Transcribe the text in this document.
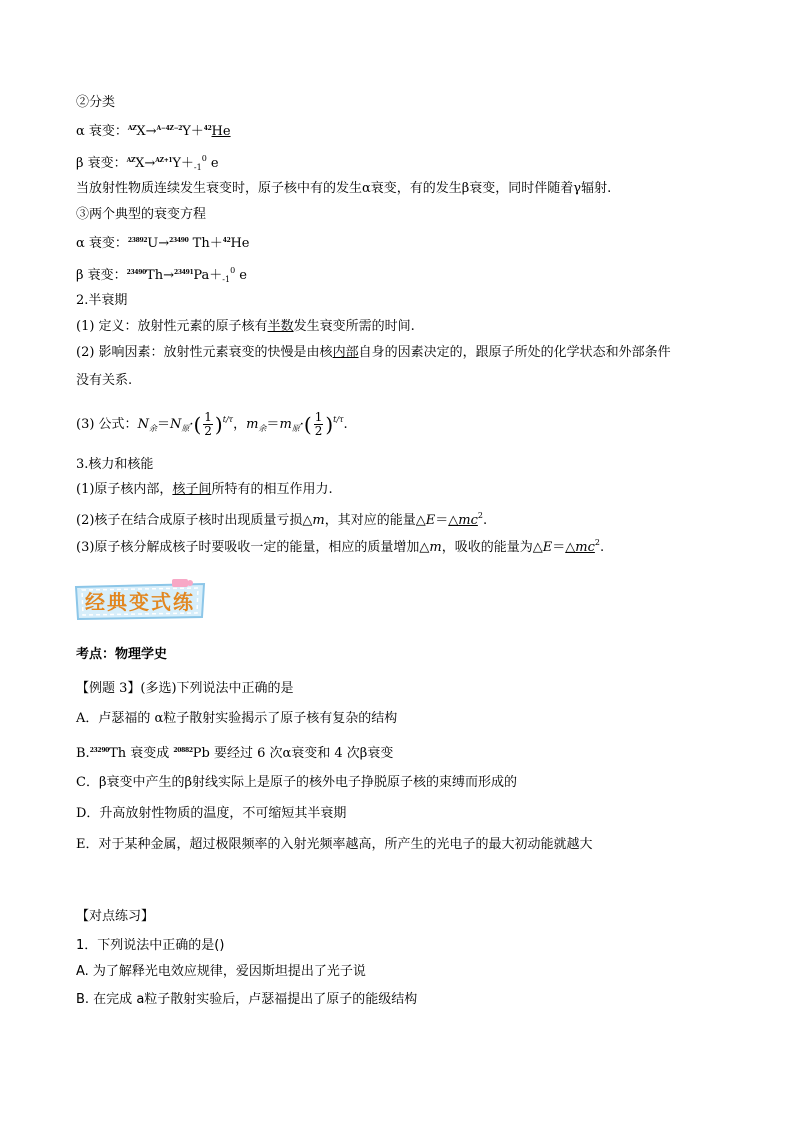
②分类
α 衰变：$^{AZ}$X→$^{A-4Z-2}$Y＋$^{42}$He
β 衰变：$^{AZ}X\to^{AZ+1}Y+_{-1}^0$ e
当放射性物质连续发生衰变时，原子核中有的发生α衰变，有的发生β衰变，同时伴随着γ辐射.
③两个典型的衰变方程
α 衰变：$^{23892}$U→$^{23490}$ Th＋$^{42}$He
β 衰变：$^{23490}Th\to^{23491}Pa+_{-1}^0$ e
2.半衰期
(1) 定义：放射性元素的原子核有半数发生衰变所需的时间.
(2) 影响因素：放射性元素衰变的快慢是由核内部自身的因素决定的，跟原子所处的化学状态和外部条件
没有关系.
(3) 公式：$N_余=N_原\cdot( \frac{1}{2} )^{t/\tau}$，$m_余=m_原\cdot( \frac{1}{2} )^{t/\tau}$.
3.核力和核能
(1)原子核内部，核子间所特有的相互作用力.
(2)核子在结合成原子核时出现质量亏损△m，其对应的能量$\triangle E=\triangle mc^2$.
(3)原子核分解成核子时要吸收一定的能量，相应的质量增加△m，吸收的能量为$\triangle E=\triangle mc^2$.
经典变式练
考点：物理学史
【例题 3】(多选)下列说法中正确的是
A．卢瑟福的 α粒子散射实验揭示了原子核有复杂的结构
B.$^{23290}$Th 衰变成 $^{20882}$Pb 要经过 6 次α衰变和 4 次β衰变
C．β衰变中产生的β射线实际上是原子的核外电子挣脱原子核的束缚而形成的
D．升高放射性物质的温度，不可缩短其半衰期
E．对于某种金属，超过极限频率的入射光频率越高，所产生的光电子的最大初动能就越大
【对点练习】
1．下列说法中正确的是()
A. 为了解释光电效应规律，爱因斯坦提出了光子说
B. 在完成 a粒子散射实验后，卢瑟福提出了原子的能级结构
